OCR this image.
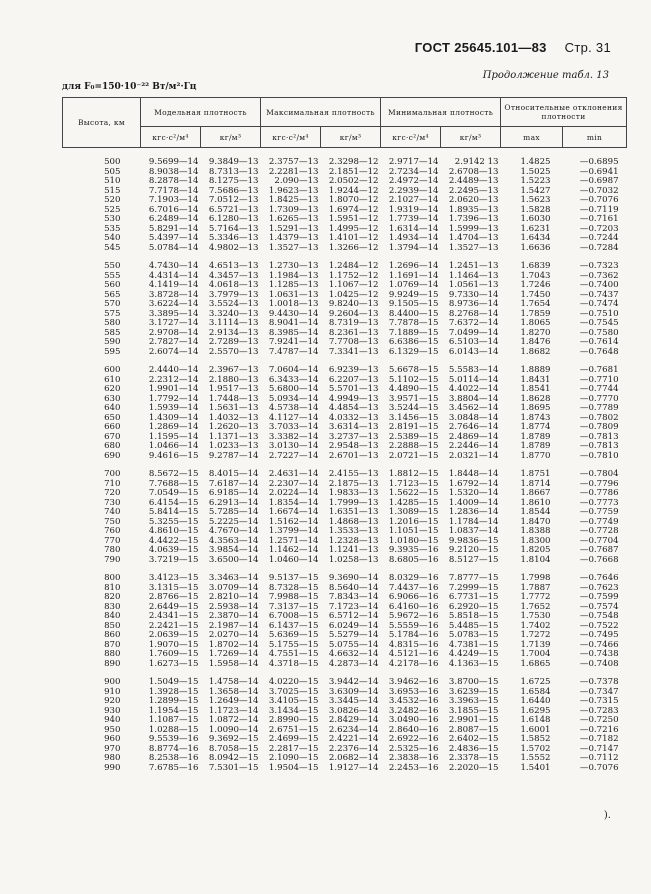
ГОСТ 25645.101—83 Стр. 31
Продолжение табл. 13
для F₀=150·10⁻²² Вт/м²·Гц
Высота, км	Модельная плотность		Максимальная плотность		Минимальная плотность		Относительные отклонения плотности	
	кгс·с²/м⁴	кг/м³	кгс·с²/м⁴	кг/м³	кгс·с²/м⁴	кг/м³	max	min
500	9.5699—14	9.3849—13	2.3757—13	2.3298—12	2.9717—14	2.9142 13	1.4825	—0.6895
505	8.9038—14	8.7313—13	2.2281—13	2.1851—12	2.7234—14	2.6708—13	1.5025	—0.6941
510	8.2878—14	8.1275—13	2.090—13	2.0502—12	2.4972—14	2.4489—13	1.5223	—0.6987
515	7.7178—14	7.5686—13	1.9623—13	1.9244—12	2.2939—14	2.2495—13	1.5427	—0.7032
520	7.1903—14	7.0512—13	1.8425—13	1.8070—12	2.1027—14	2.0620—13	1.5623	—0.7076
525	6.7016—14	6.5721—13	1.7309—13	1.6974—12	1.9319—14	1.8935—13	1.5828	—0.7119
530	6.2489—14	6.1280—13	1.6265—13	1.5951—12	1.7739—14	1.7396—13	1.6030	—0.7161
535	5.8291—14	5.7164—13	1.5291—13	1.4995—12	1.6314—14	1.5999—13	1.6231	—0.7203
540	5.4397—14	5.3346—13	1.4379—13	1.4101—12	1.4934—14	1.4704—13	1.6434	—0.7244
545	5.0784—14	4.9802—13	1.3527—13	1.3266—12	1.3794—14	1.3527—13	1.6636	—0.7284

550	4.7430—14	4.6513—13	1.2730—13	1.2484—12	1.2696—14	1.2451—13	1.6839	—0.7323
555	4.4314—14	4.3457—13	1.1984—13	1.1752—12	1.1691—14	1.1464—13	1.7043	—0.7362
560	4.1419—14	4.0618—13	1.1285—13	1.1067—12	1.0769—14	1.0561—13	1.7246	—0.7400
565	3.8728—14	3.7979—13	1.0631—13	1.0425—12	9.9249—15	9.7330—14	1.7450	—0.7437
570	3.6224—14	3.5524—13	1.0018—13	9.8240—13	9.1505—15	8.9736—14	1.7654	—0.7474
575	3.3895—14	3.3240—13	9.4430—14	9.2604—13	8.4400—15	8.2768—14	1.7859	—0.7510
580	3.1727—14	3.1114—13	8.9041—14	8.7319—13	7.7878—15	7.6372—14	1.8065	—0.7545
585	2.9708—14	2.9134—13	8.3985—14	8.2361—13	7.1889—15	7.0499—14	1.8270	—0.7580
590	2.7827—14	2.7289—13	7.9241—14	7.7708—13	6.6386—15	6.5103—14	1.8476	—0.7614
595	2.6074—14	2.5570—13	7.4787—14	7.3341—13	6.1329—15	6.0143—14	1.8682	—0.7648

600	2.4440—14	2.3967—13	7.0604—14	6.9239—13	5.6678—15	5.5583—14	1.8889	—0.7681
610	2.2312—14	2.1880—13	6.3433—14	6.2207—13	5.1102—15	5.0114—14	1.8431	—0.7710
620	1.9901—14	1.9517—13	5.6800—14	5.5701—13	4.4890—15	4.4022—14	1.8541	—0.7744
630	1.7792—14	1.7448—13	5.0934—14	4.9949—13	3.9571—15	3.8804—14	1.8628	—0.7770
640	1.5939—14	1.5631—13	4.5738—14	4.4854—13	3.5244—15	3.4562—14	1.8695	—0.7789
650	1.4309—14	1.4032—13	4.1127—14	4.0332—13	3.1456—15	3.0848—14	1.8743	—0.7802
660	1.2869—14	1.2620—13	3.7033—14	3.6314—13	2.8191—15	2.7646—14	1.8774	—0.7809
670	1.1595—14	1.1371—13	3.3382—14	3.2737—13	2.5389—15	2.4869—14	1.8789	—0.7813
680	1.0466—14	1.0233—13	3.0130—14	2.9548—13	2.2888—15	2.2446—14	1.8789	—0.7813
690	9.4616—15	9.2787—14	2.7227—14	2.6701—13	2.0721—15	2.0321—14	1.8770	—0.7810

700	8.5672—15	8.4015—14	2.4631—14	2.4155—13	1.8812—15	1.8448—14	1.8751	—0.7804
710	7.7688—15	7.6187—14	2.2307—14	2.1875—13	1.7123—15	1.6792—14	1.8714	—0.7796
720	7.0549—15	6.9185—14	2.0224—14	1.9833—13	1.5622—15	1.5320—14	1.8667	—0.7786
730	6.4154—15	6.2913—14	1.8354—14	1.7999—13	1.4285—15	1.4009—14	1.8610	—0.7773
740	5.8414—15	5.7285—14	1.6674—14	1.6351—13	1.3089—15	1.2836—14	1.8544	—0.7759
750	5.3255—15	5.2225—14	1.5162—14	1.4868—13	1.2016—15	1.1784—14	1.8470	—0.7749
760	4.8610—15	4.7670—14	1.3799—14	1.3533—13	1.1051—15	1.0837—14	1.8388	—0.7728
770	4.4422—15	4.3563—14	1.2571—14	1.2328—13	1.0180—15	9.9836—15	1.8300	—0.7704
780	4.0639—15	3.9854—14	1.1462—14	1.1241—13	9.3935—16	9.2120—15	1.8205	—0.7687
790	3.7219—15	3.6500—14	1.0460—14	1.0258—13	8.6805—16	8.5127—15	1.8104	—0.7668

800	3.4123—15	3.3463—14	9.5137—15	9.3690—14	8.0329—16	7.8777—15	1.7998	—0.7646
810	3.1315—15	3.0709—14	8.7328—15	8.5640—14	7.4437—16	7.2999—15	1.7887	—0.7623
820	2.8766—15	2.8210—14	7.9988—15	7.8343—14	6.9066—16	6.7731—15	1.7772	—0.7599
830	2.6449—15	2.5938—14	7.3137—15	7.1723—14	6.4160—16	6.2920—15	1.7652	—0.7574
840	2.4341—15	2.3870—14	6.7008—15	6.5712—14	5.9672—16	5.8518—15	1.7530	—0.7548
850	2.2421—15	2.1987—14	6.1437—15	6.0249—14	5.5559—16	5.4485—15	1.7402	—0.7522
860	2.0639—15	2.0270—14	5.6369—15	5.5279—14	5.1784—16	5.0783—15	1.7272	—0.7495
870	1.9070—15	1.8702—14	5.1755—15	5.0755—14	4.8315—16	4.7381—15	1.7139	—0.7466
880	1.7609—15	1.7269—14	4.7551—15	4.6632—14	4.5121—16	4.4249—15	1.7004	—0.7438
890	1.6273—15	1.5958—14	4.3718—15	4.2873—14	4.2178—16	4.1363—15	1.6865	—0.7408

900	1.5049—15	1.4758—14	4.0220—15	3.9442—14	3.9462—16	3.8700—15	1.6725	—0.7378
910	1.3928—15	1.3658—14	3.7025—15	3.6309—14	3.6953—16	3.6239—15	1.6584	—0.7347
920	1.2899—15	1.2649—14	3.4105—15	3.3445—14	3.4532—16	3.3963—15	1.6440	—0.7315
930	1.1954—15	1.1723—14	3.1434—15	3.0826—14	3.2482—16	3.1855—15	1.6295	—0.7283
940	1.1087—15	1.0872—14	2.8990—15	2.8429—14	3.0490—16	2.9901—15	1.6148	—0.7250
950	1.0288—15	1.0090—14	2.6751—15	2.6234—14	2.8640—16	2.8087—15	1.6001	—0.7216
960	9.5539—16	9.3692—15	2.4699—15	2.4221—14	2.6922—16	2.6402—15	1.5852	—0.7182
970	8.8774—16	8.7058—15	2.2817—15	2.2376—14	2.5325—16	2.4836—15	1.5702	—0.7147
980	8.2538—16	8.0942—15	2.1090—15	2.0682—14	2.3838—16	2.3378—15	1.5552	—0.7112
990	7.6785—16	7.5301—15	1.9504—15	1.9127—14	2.2453—16	2.2020—15	1.5401	—0.7076
).
